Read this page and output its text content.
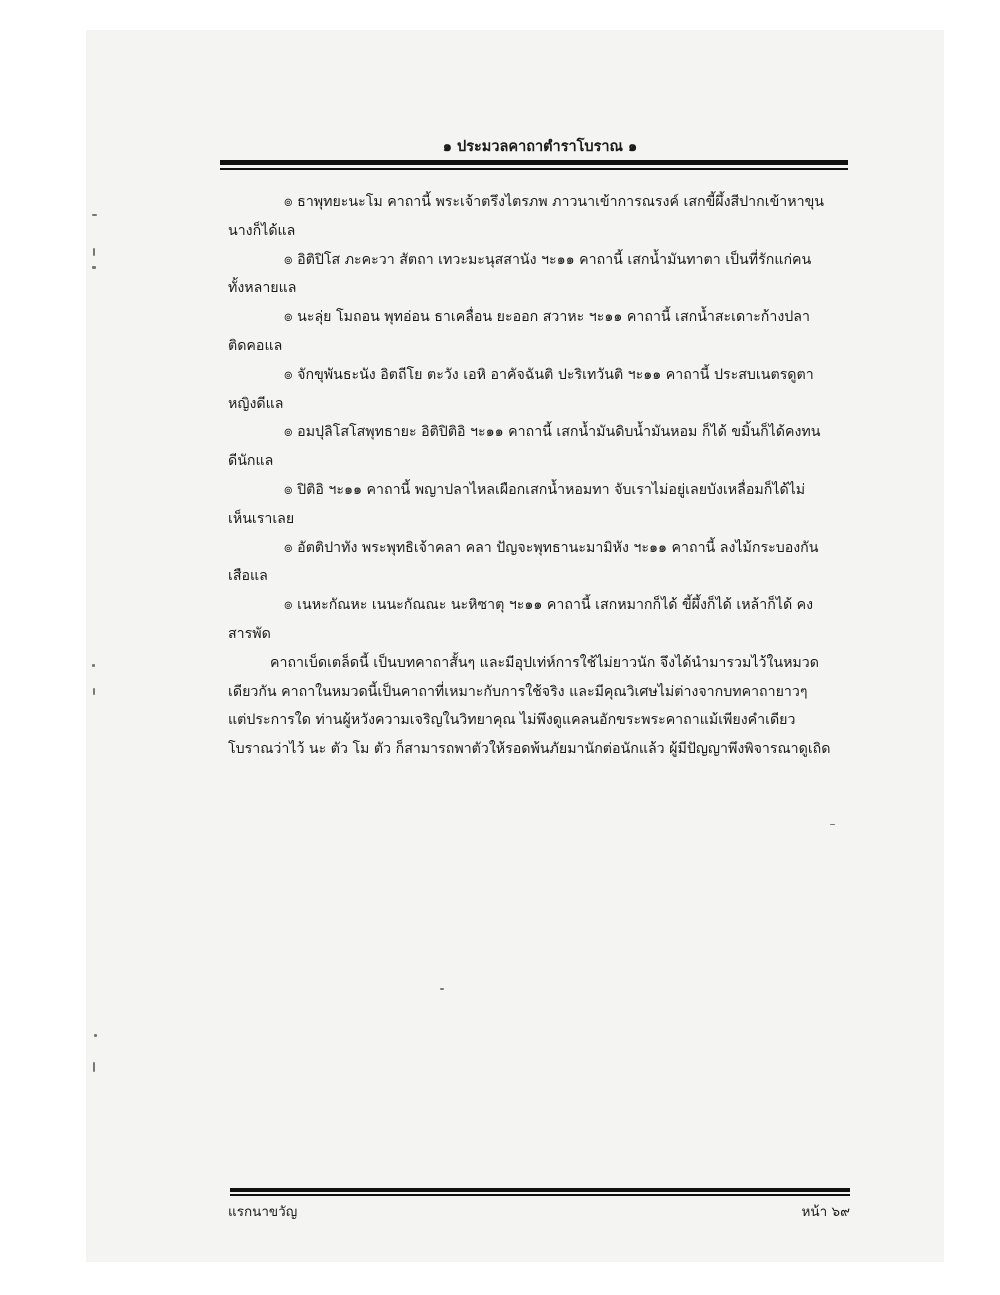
๑ ประมวลคาถาตำราโบราณ ๑

๏ ธาพุทยะนะโม คาถานี้ พระเจ้าตรึงไตรภพ ภาวนาเข้าการณรงค์ เสกขี้ผึ้งสีปากเข้าหาขุน
นางก็ได้แล

๏ อิติปิโส ภะคะวา สัตถา เทวะมะนุสสานัง ฯะ๑๑ คาถานี้ เสกน้ำมันทาตา เป็นที่รักแก่คน
ทั้งหลายแล

๏ นะลุ่ย โมถอน พุทอ่อน ธาเคลื่อน ยะออก สวาหะ ฯะ๑๑ คาถานี้ เสกน้ำสะเดาะก้างปลา
ติดคอแล

๏ จักขุพันธะนัง อิตถีโย ตะวัง เอหิ อาคัจฉันติ ปะริเทวันติ ฯะ๑๑ คาถานี้ ประสบเนตรดูตา
หญิงดีแล

๏ อมปุลิโสโสพุทธายะ อิติปิติอิ ฯะ๑๑ คาถานี้ เสกน้ำมันดิบน้ำมันหอม ก็ได้ ขมิ้นก็ได้คงทน
ดีนักแล

๏ ปิติอิ ฯะ๑๑ คาถานี้ พญาปลาไหลเผือกเสกน้ำหอมทา จับเราไม่อยู่เลยบังเหลื่อมก็ได้ไม่
เห็นเราเลย

๏ อัตติปาทัง พระพุทธิเจ้าคลา คลา ปัญจะพุทธานะมามิหัง ฯะ๑๑ คาถานี้ ลงไม้กระบองกัน
เสือแล

๏ เนหะกัณหะ เนนะกัณณะ นะหิซาตุ ฯะ๑๑ คาถานี้ เสกหมากก็ได้ ขี้ผึ้งก็ได้ เหล้าก็ได้ คง
สารพัด

คาถาเบ็ดเตล็ดนี้ เป็นบทคาถาสั้นๆ และมีอุปเท่ห์การใช้ไม่ยาวนัก จึงได้นำมารวมไว้ในหมวด
เดียวกัน คาถาในหมวดนี้เป็นคาถาที่เหมาะกับการใช้จริง และมีคุณวิเศษไม่ต่างจากบทคาถายาวๆ
แต่ประการใด ท่านผู้หวังความเจริญในวิทยาคุณ ไม่พึงดูแคลนอักขระพระคาถาแม้เพียงคำเดียว
โบราณว่าไว้ นะ ตัว โม ตัว ก็สามารถพาตัวให้รอดพ้นภัยมานักต่อนักแล้ว ผู้มีปัญญาพึงพิจารณาดูเถิด

แรกนาขวัญ	หน้า ๖๙
